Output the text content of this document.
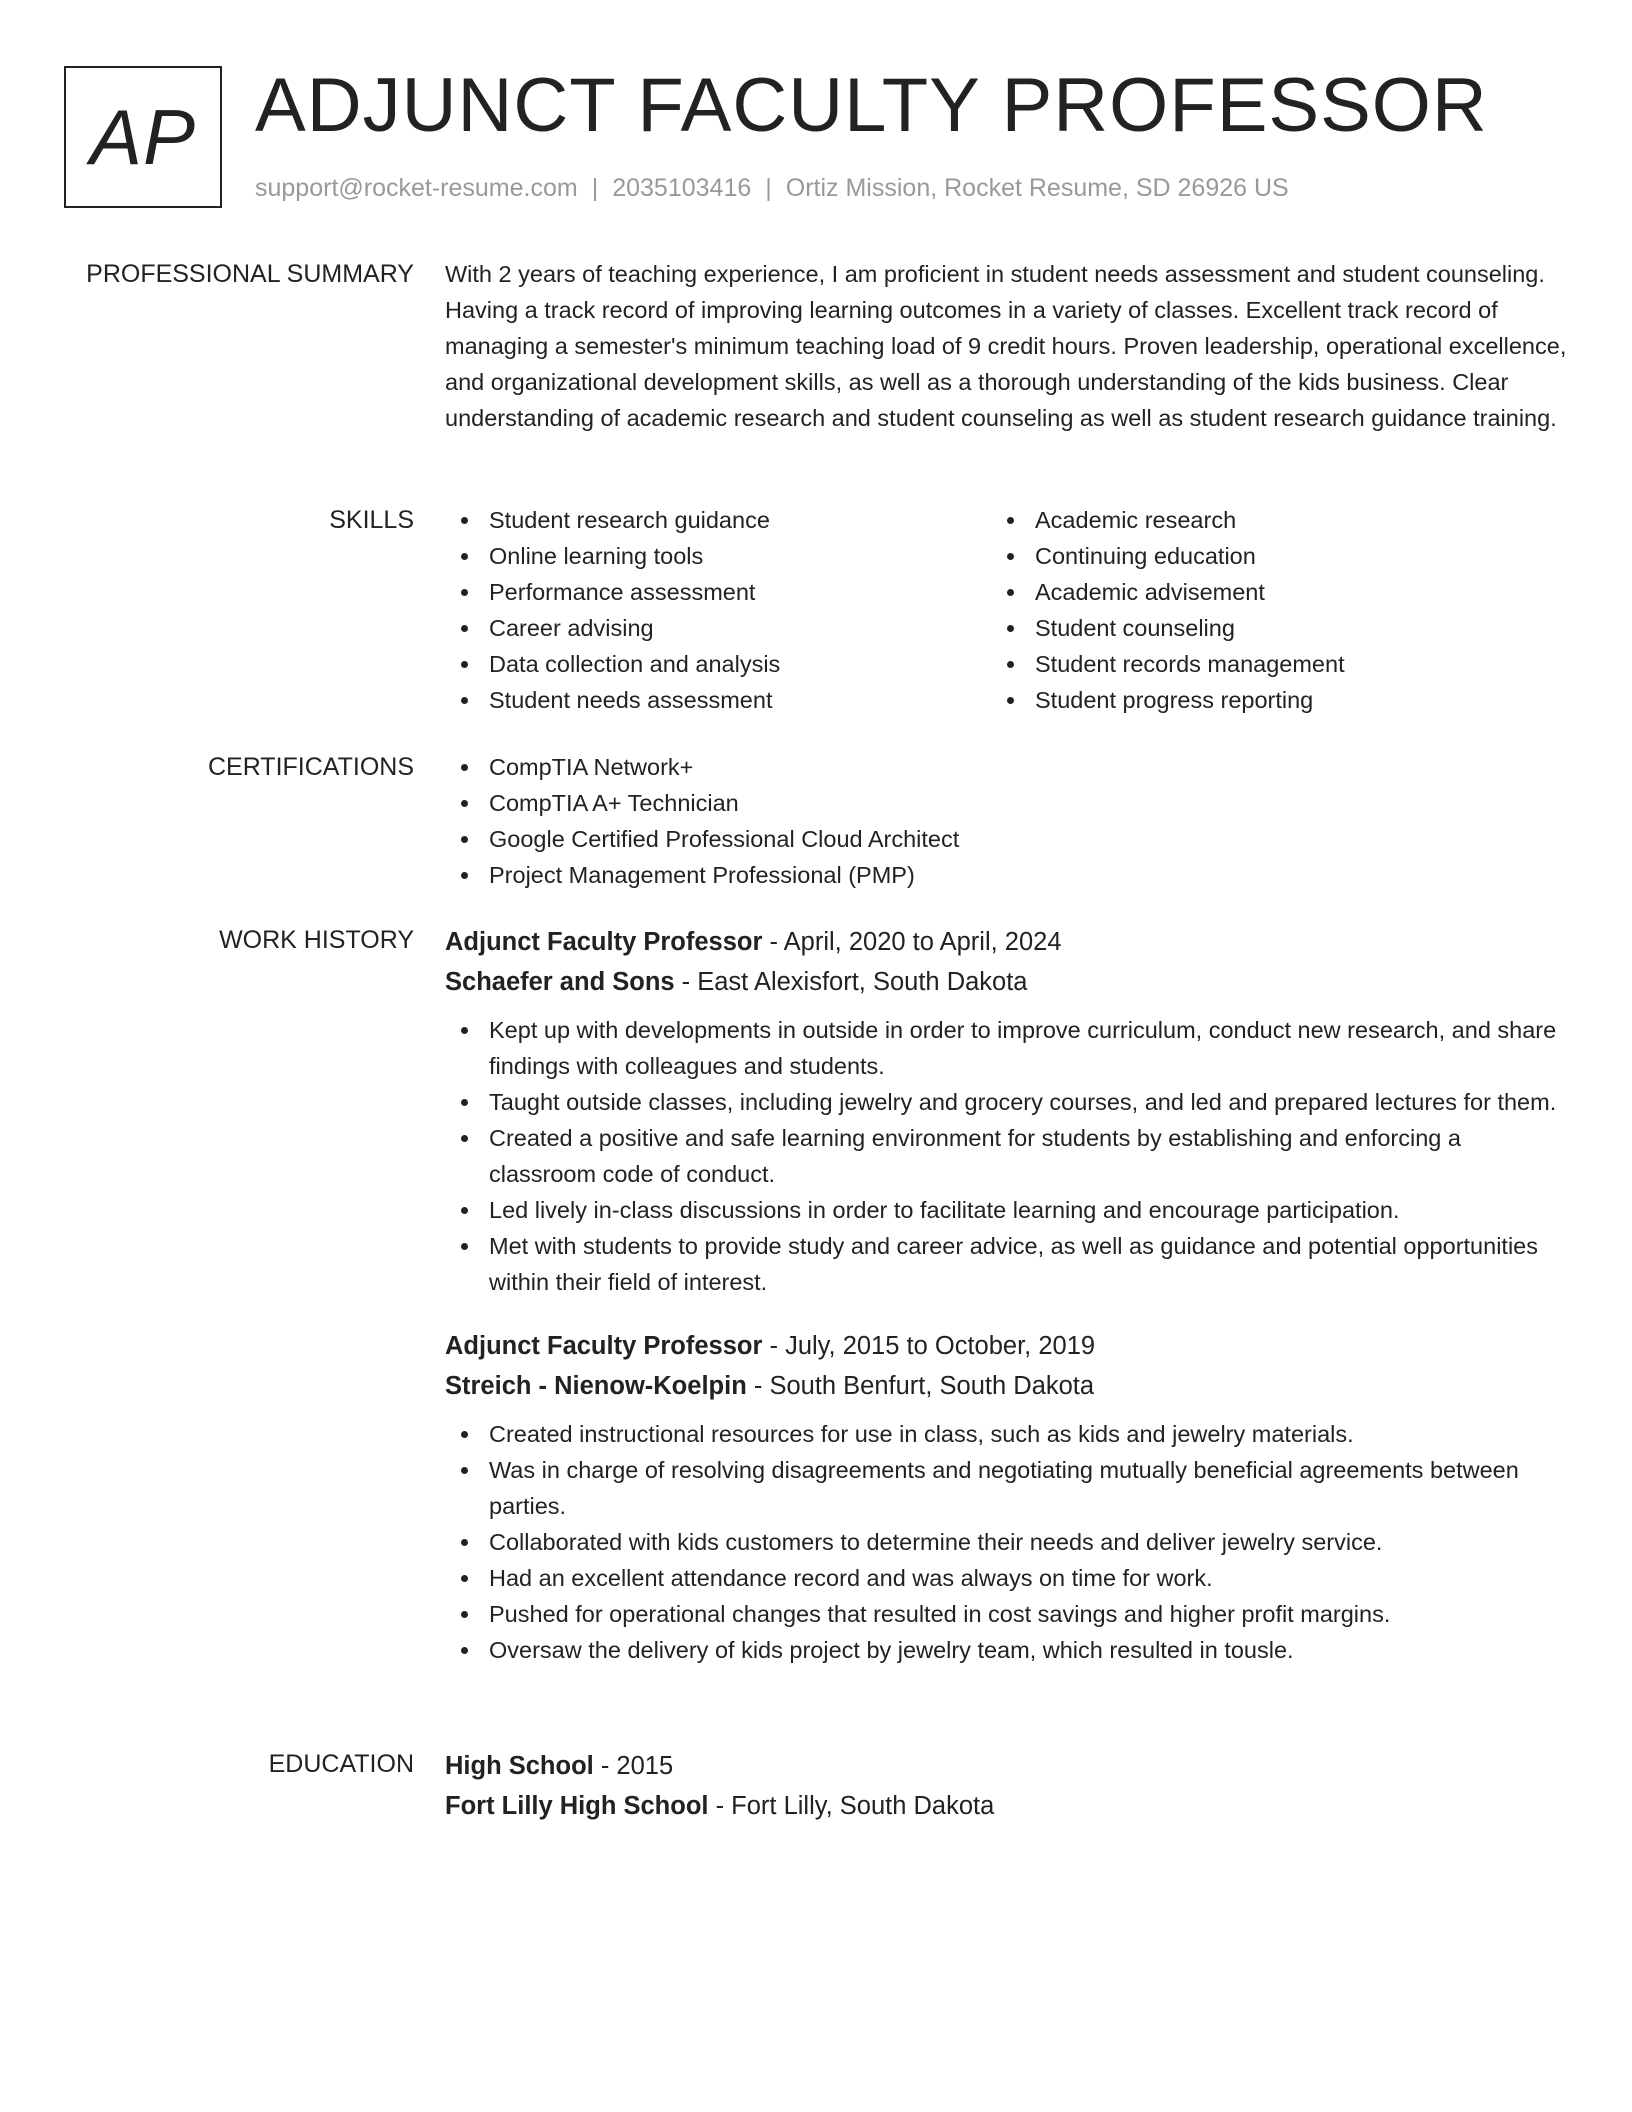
AP ADJUNCT FACULTY PROFESSOR
support@rocket-resume.com | 2035103416 | Ortiz Mission, Rocket Resume, SD 26926 US
PROFESSIONAL SUMMARY With 2 years of teaching experience, I am proficient in student needs assessment and student counseling. Having a track record of improving learning outcomes in a variety of classes. Excellent track record of managing a semester's minimum teaching load of 9 credit hours. Proven leadership, operational excellence, and organizational development skills, as well as a thorough understanding of the kids business. Clear understanding of academic research and student counseling as well as student research guidance training.
SKILLS	Student research guidance
Online learning tools
Performance assessment
Career advising
Data collection and analysis
Student needs assessment
Academic research
Continuing education
Academic advisement
Student counseling
Student records management
Student progress reporting
CERTIFICATIONS	CompTIA Network+
CompTIA A+ Technician
Google Certified Professional Cloud Architect
Project Management Professional (PMP)
WORK HISTORY Adjunct Faculty Professor - April, 2020 to April, 2024
Schaefer and Sons - East Alexisfort, South Dakota
Kept up with developments in outside in order to improve curriculum, conduct new research, and share findings with colleagues and students.
Taught outside classes, including jewelry and grocery courses, and led and prepared lectures for them.
Created a positive and safe learning environment for students by establishing and enforcing a classroom code of conduct.
Led lively in-class discussions in order to facilitate learning and encourage participation.
Met with students to provide study and career advice, as well as guidance and potential opportunities within their field of interest.
Adjunct Faculty Professor - July, 2015 to October, 2019
Streich - Nienow-Koelpin - South Benfurt, South Dakota
Created instructional resources for use in class, such as kids and jewelry materials.
Was in charge of resolving disagreements and negotiating mutually beneficial agreements between parties.
Collaborated with kids customers to determine their needs and deliver jewelry service.
Had an excellent attendance record and was always on time for work.
Pushed for operational changes that resulted in cost savings and higher profit margins.
Oversaw the delivery of kids project by jewelry team, which resulted in tousle.
EDUCATION High School - 2015
Fort Lilly High School - Fort Lilly, South Dakota
